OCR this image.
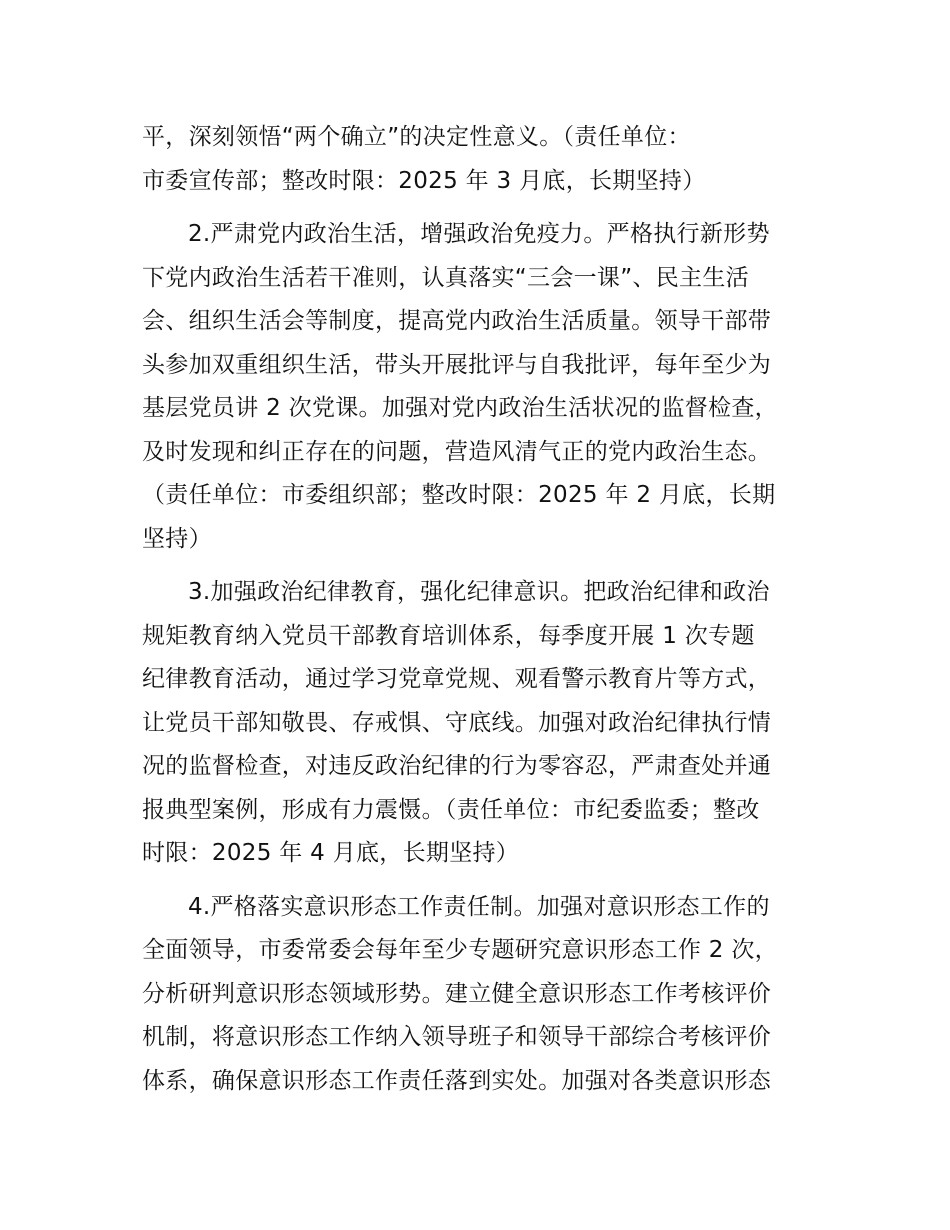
平，深刻领悟“两个确立”的决定性意义。（责任单位：
市委宣传部；整改时限：2025 年 3 月底，长期坚持）
2.严肃党内政治生活，增强政治免疫力。严格执行新形势
下党内政治生活若干准则，认真落实“三会一课”、民主生活
会、组织生活会等制度，提高党内政治生活质量。领导干部带
头参加双重组织生活，带头开展批评与自我批评，每年至少为
基层党员讲 2 次党课。加强对党内政治生活状况的监督检查，
及时发现和纠正存在的问题，营造风清气正的党内政治生态。
（责任单位：市委组织部；整改时限：2025 年 2 月底，长期
坚持）
3.加强政治纪律教育，强化纪律意识。把政治纪律和政治
规矩教育纳入党员干部教育培训体系，每季度开展 1 次专题
纪律教育活动，通过学习党章党规、观看警示教育片等方式，
让党员干部知敬畏、存戒惧、守底线。加强对政治纪律执行情
况的监督检查，对违反政治纪律的行为零容忍，严肃查处并通
报典型案例，形成有力震慑。（责任单位：市纪委监委；整改
时限：2025 年 4 月底，长期坚持）
4.严格落实意识形态工作责任制。加强对意识形态工作的
全面领导，市委常委会每年至少专题研究意识形态工作 2 次，
分析研判意识形态领域形势。建立健全意识形态工作考核评价
机制，将意识形态工作纳入领导班子和领导干部综合考核评价
体系，确保意识形态工作责任落到实处。加强对各类意识形态
